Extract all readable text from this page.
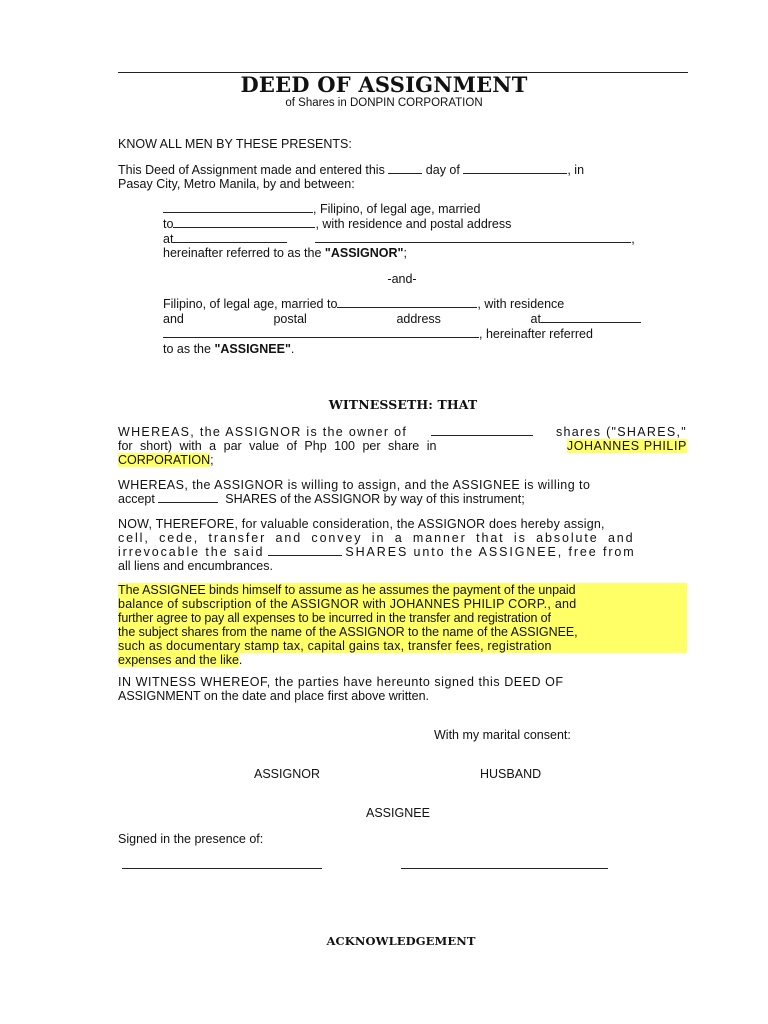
DEED OF ASSIGNMENT
of Shares in DONPIN CORPORATION
KNOW ALL MEN BY THESE PRESENTS:
This Deed of Assignment made and entered this	day of	, in
Pasay City, Metro Manila, by and between:
, Filipino, of legal age, married
to	, with residence and postal address
at	,
hereinafter referred to as the "ASSIGNOR";
-and-
Filipino, of legal age, married to	, with residence
and	postal	address	at
, hereinafter referred
to as the "ASSIGNEE".
WITNESSETH: THAT
WHEREAS, the ASSIGNOR is the owner of	shares ("SHARES,"
for short) with a par value of Php 100 per share in	JOHANNES PHILIP
CORPORATION;
WHEREAS, the ASSIGNOR is willing to assign, and the ASSIGNEE is willing to
accept	SHARES of the ASSIGNOR by way of this instrument;
NOW, THEREFORE, for valuable consideration, the ASSIGNOR does hereby assign,
cell, cede, transfer and convey in a manner that is absolute and
irrevocable the said	SHARES unto the ASSIGNEE, free from
all liens and encumbrances.
The ASSIGNEE binds himself to assume as he assumes the payment of the unpaid
balance of subscription of the ASSIGNOR with JOHANNES PHILIP CORP., and
further agree to pay all expenses to be incurred in the transfer and registration of
the subject shares from the name of the ASSIGNOR to the name of the ASSIGNEE,
such as documentary stamp tax, capital gains tax, transfer fees, registration
expenses and the like.
IN WITNESS WHEREOF, the parties have hereunto signed this DEED OF
ASSIGNMENT on the date and place first above written.
With my marital consent:
ASSIGNOR	HUSBAND
ASSIGNEE
Signed in the presence of:
ACKNOWLEDGEMENT
